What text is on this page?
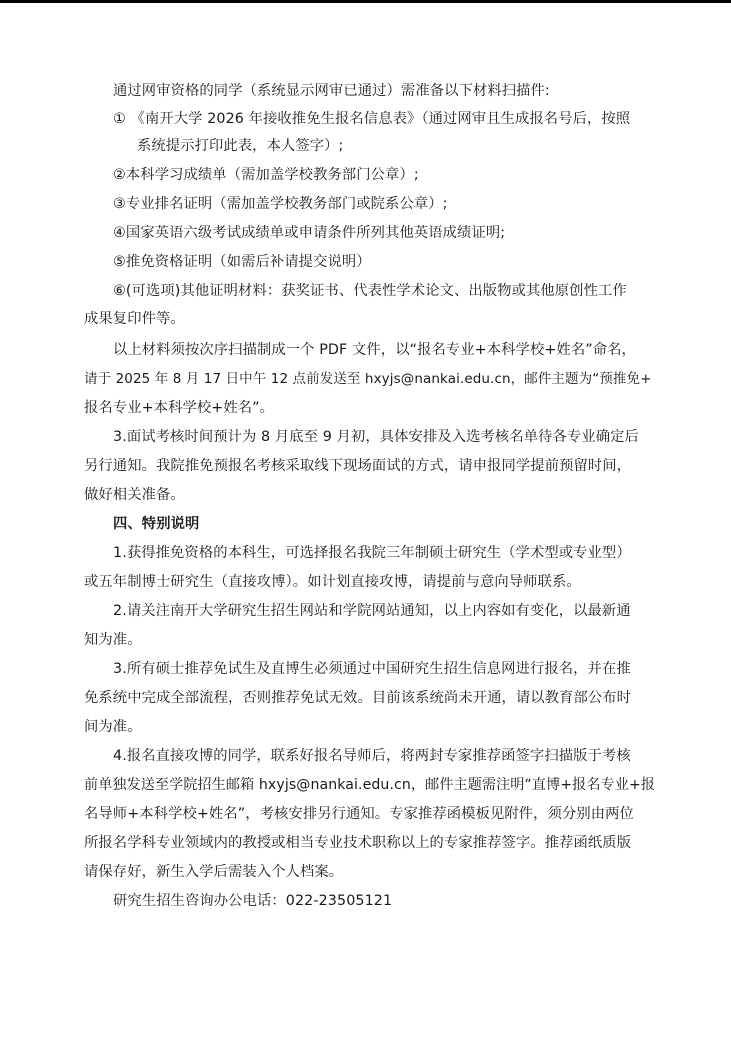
通过网审资格的同学（系统显示网审已通过）需准备以下材料扫描件:
① 《南开大学 2026 年接收推免生报名信息表》（通过网审且生成报名号后，按照
系统提示打印此表，本人签字）;
②本科学习成绩单（需加盖学校教务部门公章）;
③专业排名证明（需加盖学校教务部门或院系公章）;
④国家英语六级考试成绩单或申请条件所列其他英语成绩证明;
⑤推免资格证明（如需后补请提交说明）
⑥(可选项)其他证明材料：获奖证书、代表性学术论文、出版物或其他原创性工作
成果复印件等。
以上材料须按次序扫描制成一个 PDF 文件，以“报名专业+本科学校+姓名”命名，
请于 2025 年 8 月 17 日中午 12 点前发送至 hxyjs@nankai.edu.cn，邮件主题为“预推免+
报名专业+本科学校+姓名”。
3.面试考核时间预计为 8 月底至 9 月初，具体安排及入选考核名单待各专业确定后
另行通知。我院推免预报名考核采取线下现场面试的方式，请申报同学提前预留时间，
做好相关准备。
四、特别说明
1.获得推免资格的本科生，可选择报名我院三年制硕士研究生（学术型或专业型）
或五年制博士研究生（直接攻博）。如计划直接攻博，请提前与意向导师联系。
2.请关注南开大学研究生招生网站和学院网站通知，以上内容如有变化，以最新通
知为准。
3.所有硕士推荐免试生及直博生必须通过中国研究生招生信息网进行报名，并在推
免系统中完成全部流程，否则推荐免试无效。目前该系统尚未开通，请以教育部公布时
间为准。
4.报名直接攻博的同学，联系好报名导师后，将两封专家推荐函签字扫描版于考核
前单独发送至学院招生邮箱 hxyjs@nankai.edu.cn，邮件主题需注明“直博+报名专业+报
名导师+本科学校+姓名”，考核安排另行通知。专家推荐函模板见附件，须分别由两位
所报名学科专业领域内的教授或相当专业技术职称以上的专家推荐签字。推荐函纸质版
请保存好，新生入学后需装入个人档案。
研究生招生咨询办公电话：022-23505121
